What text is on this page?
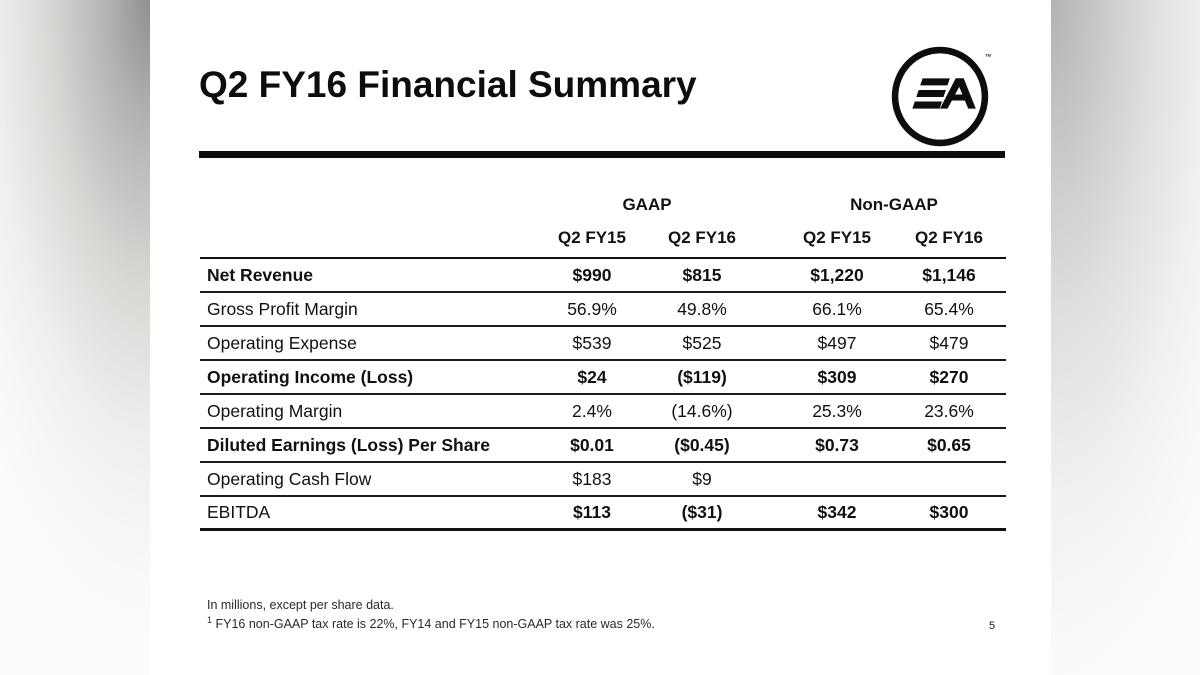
Q2 FY16 Financial Summary
™
GAAP	Non-GAAP
Q2 FY15	Q2 FY16	Q2 FY15	Q2 FY16
Net Revenue	$990	$815	$1,220	$1,146
Gross Profit Margin	56.9%	49.8%	66.1%	65.4%
Operating Expense	$539	$525	$497	$479
Operating Income (Loss)	$24	($119)	$309	$270
Operating Margin	2.4%	(14.6%)	25.3%	23.6%
Diluted Earnings (Loss) Per Share	$0.01	($0.45)	$0.73	$0.65
Operating Cash Flow	$183	$9
EBITDA	$113	($31)	$342	$300
In millions, except per share data.
$^1$ FY16 non-GAAP tax rate is 22%, FY14 and FY15 non-GAAP tax rate was 25%.	5
